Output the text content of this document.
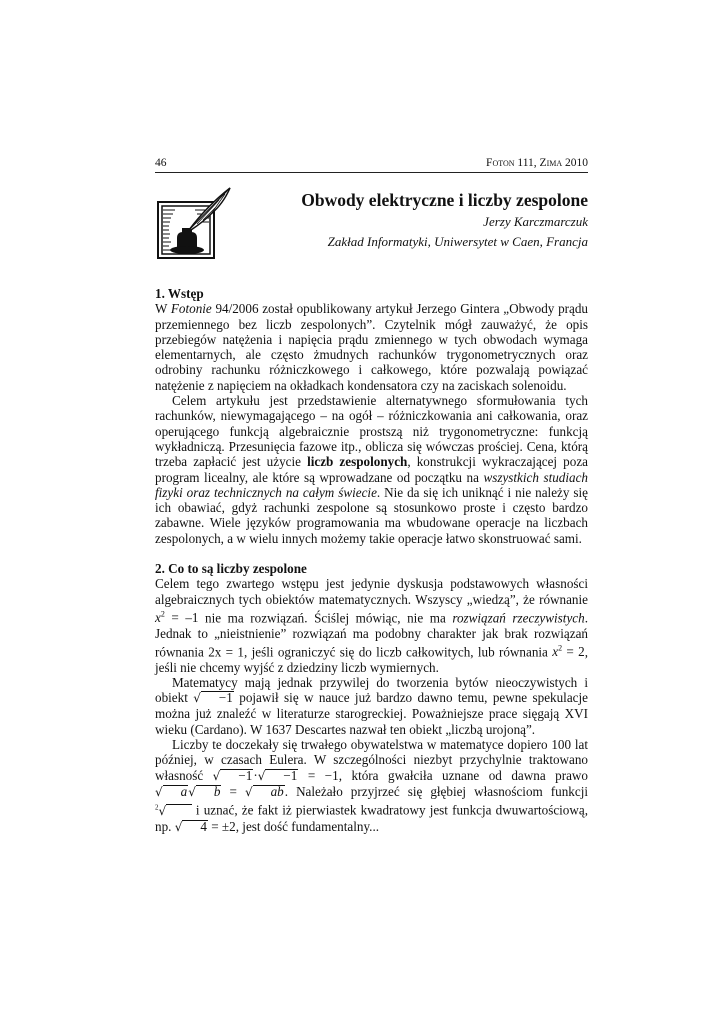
46	Foton 111, Zima 2010
Obwody elektryczne i liczby zespolone
Jerzy Karczmarczuk
Zakład Informatyki, Uniwersytet w Caen, Francja

1. Wstęp

W Fotonie 94/2006 został opublikowany artykuł Jerzego Gintera „Obwody prądu przemiennego bez liczb zespolonych”. Czytelnik mógł zauważyć, że opis przebiegów natężenia i napięcia prądu zmiennego w tych obwodach wymaga elementarnych, ale często żmudnych rachunków trygonometrycznych oraz odrobiny rachunku różniczkowego i całkowego, które pozwalają powiązać natężenie z napięciem na okładkach kondensatora czy na zaciskach solenoidu.

Celem artykułu jest przedstawienie alternatywnego sformułowania tych rachunków, niewymagającego – na ogół – różniczkowania ani całkowania, oraz operującego funkcją algebraicznie prostszą niż trygonometryczne: funkcją wykładniczą. Przesunięcia fazowe itp., oblicza się wówczas prościej. Cena, którą trzeba zapłacić jest użycie liczb zespolonych, konstrukcji wykraczającej poza program licealny, ale które są wprowadzane od początku na wszystkich studiach fizyki oraz technicznych na całym świecie. Nie da się ich uniknąć i nie należy się ich obawiać, gdyż rachunki zespolone są stosunkowo proste i często bardzo zabawne. Wiele języków programowania ma wbudowane operacje na liczbach zespolonych, a w wielu innych możemy takie operacje łatwo skonstruować sami.

2. Co to są liczby zespolone

Celem tego zwartego wstępu jest jedynie dyskusja podstawowych własności algebraicznych tych obiektów matematycznych. Wszyscy „wiedzą”, że równanie $x^2 = -1$ nie ma rozwiązań. Ściślej mówiąc, nie ma rozwiązań rzeczywistych. Jednak to „nieistnienie” rozwiązań ma podobny charakter jak brak rozwiązań równania 2x = 1, jeśli ograniczyć się do liczb całkowitych, lub równania $x^2 = 2$, jeśli nie chcemy wyjść z dziedziny liczb wymiernych.

Matematycy mają jednak przywilej do tworzenia bytów nieoczywistych i obiekt √ −1 pojawił się w nauce już bardzo dawno temu, pewne spekulacje można już znaleźć w literaturze starogreckiej. Poważniejsze prace sięgają XVI wieku (Cardano). W 1637 Descartes nazwał ten obiekt „liczbą urojoną”.

Liczby te doczekały się trwałego obywatelstwa w matematyce dopiero 100 lat później, w czasach Eulera. W szczególności niezbyt przychylnie traktowano własność √ −1·√ −1 = −1, która gwałciła uznane od dawna prawo √ a√ b = √ ab. Należało przyjrzeć się głębiej własnościom funkcji $^2$√  i uznać, że fakt iż pierwiastek kwadratowy jest funkcja dwuwartościową, np. √ 4 = ±2, jest dość fundamentalny...
